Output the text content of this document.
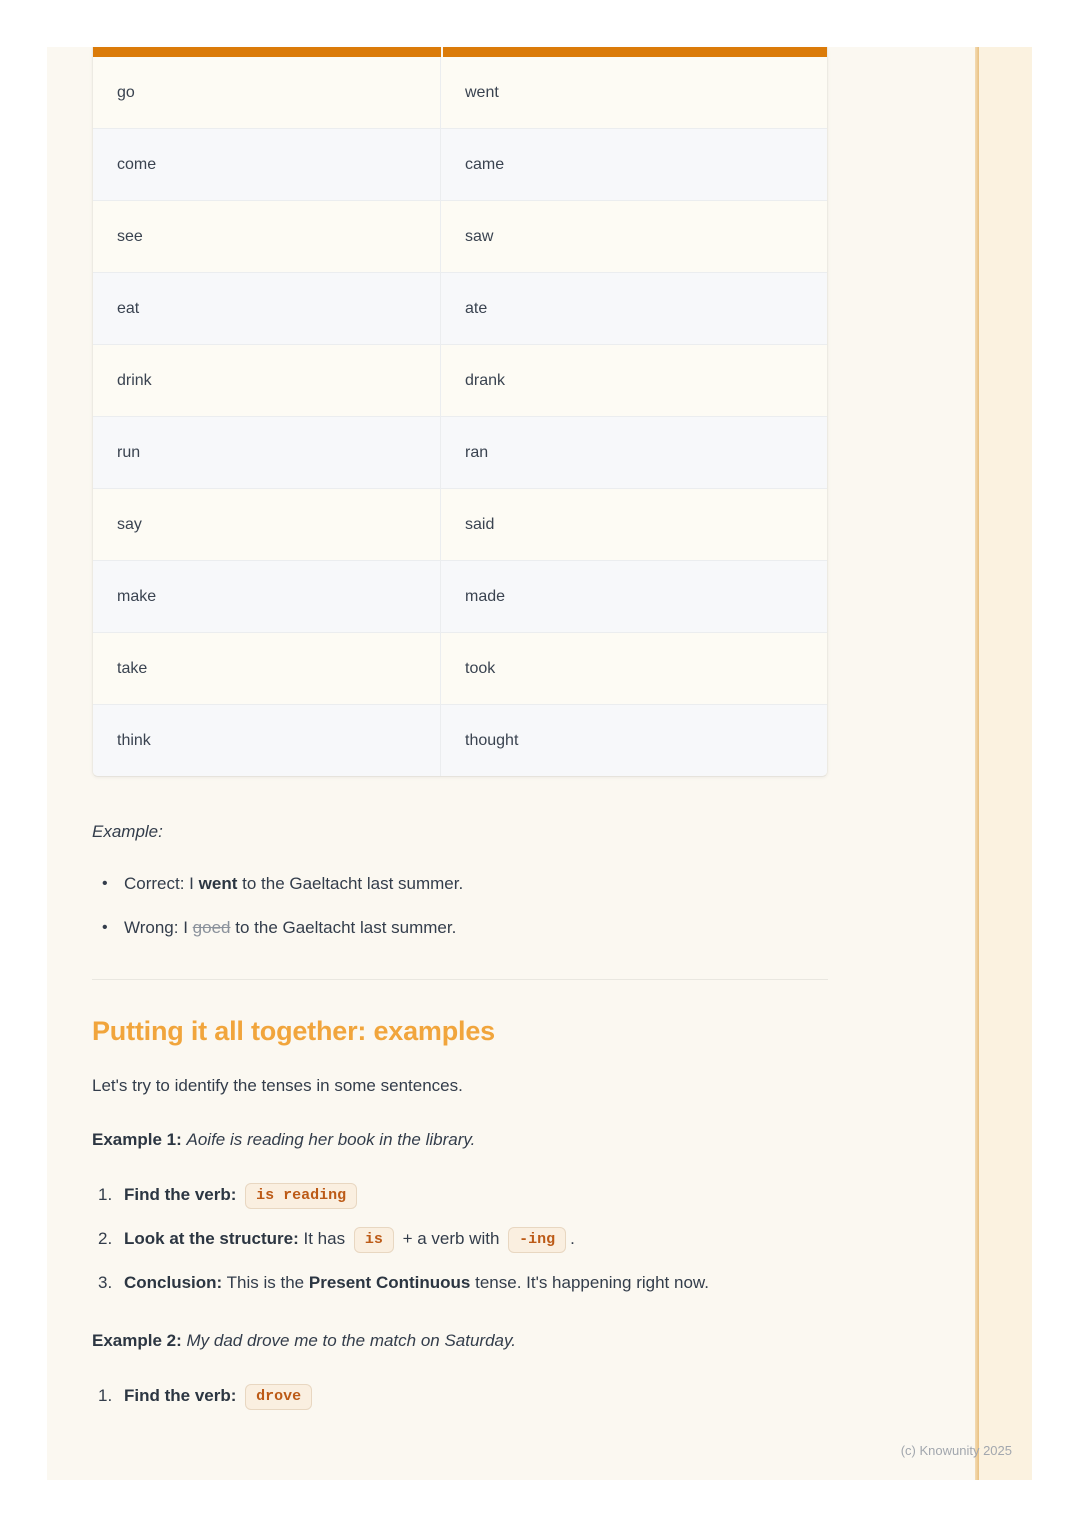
go	went
come	came
see	saw
eat	ate
drink	drank
run	ran
say	said
make	made
take	took
think	thought

Example:

• Correct: I went to the Gaeltacht last summer.
• Wrong: I goed to the Gaeltacht last summer.
Putting it all together: examples

Let's try to identify the tenses in some sentences.

Example 1: Aoife is reading her book in the library.

1. Find the verb: is reading
2. Look at the structure: It has is + a verb with -ing .
3. Conclusion: This is the Present Continuous tense. It's happening right now.

Example 2: My dad drove me to the match on Saturday.

1. Find the verb: drove
(c) Knowunity 2025
